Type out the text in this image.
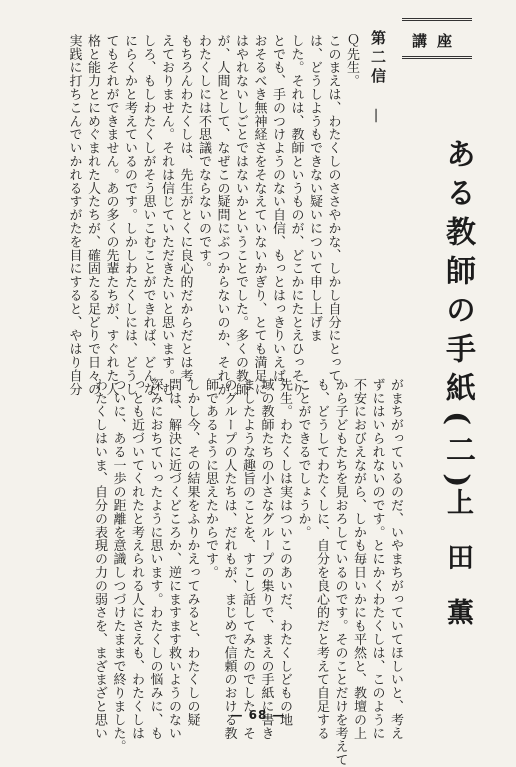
講座
第二信
—
ある教師の手紙(二)
上田薫
Ｑ先生。
このまえは、わたくしのささやかな、しかし自分にとって
は、どうしようもできない疑いについて申し上げま
した。それは、教師というものが、どこかにたとえひっそり
とでも、手のつけようのない自信、もっとはっきりいえば、
おそるべき無神経さをそなえていないかぎり、とても満足に
はやれないしごとではないかということでした。多くの教師
が、人間として、なぜこの疑問にぶつからないのか、それが
わたくしには不思議でならないのです。
もちろんわたくしは、先生がとくに良心的だからだとは考
えておりません。それは信じていただきたいと思います。む
しろ、もしわたくしがそう思いこむことができれば、どんな
にらくかと考えているのです。しかしわたくしには、どうし
てもそれができません。あの多くの先輩たちが、すぐれた人
格と能力とにめぐまれた人たちが、確固たる足どりで日々の
実践に打ちこんでいかれるすがたを目にすると、やはり自分
がまちがっているのだ、いやまちがっていてほしいと、考え
ずにはいられないのです。とにかくわたくしは、このように
不安におびえながら、しかも毎日いかにも平然と、教壇の上
から子どもたちを見おろしているのです。そのことだけを考えて
も、どうしてわたくしに、自分を良心的だと考えて自足する
ことができるでしょうか。
先生。わたくしは実はついこのあいだ、わたくしどもの地
域の教師たちの小さなグループの集りで、まえの手紙に書き
ましたような趣旨のことを、すこし話してみたのでした。そ
のグループの人たちは、だれもが、まじめで信頼のおける教
師であるように思えたからです。
しかし今、その結果をふりかえってみると、わたくしの疑
問は、解決に近づくどころか、逆にますます救いようのない
深みにおちていったように思います。わたくしの悩みに、も
っとも近づいてくれたと考えられる人にさえも、わたくしは
ついに、ある一歩の距離を意識しつづけたままで終りました。
わたくしはいま、自分の表現の力の弱さを、まざまざと思い	— 68 —
